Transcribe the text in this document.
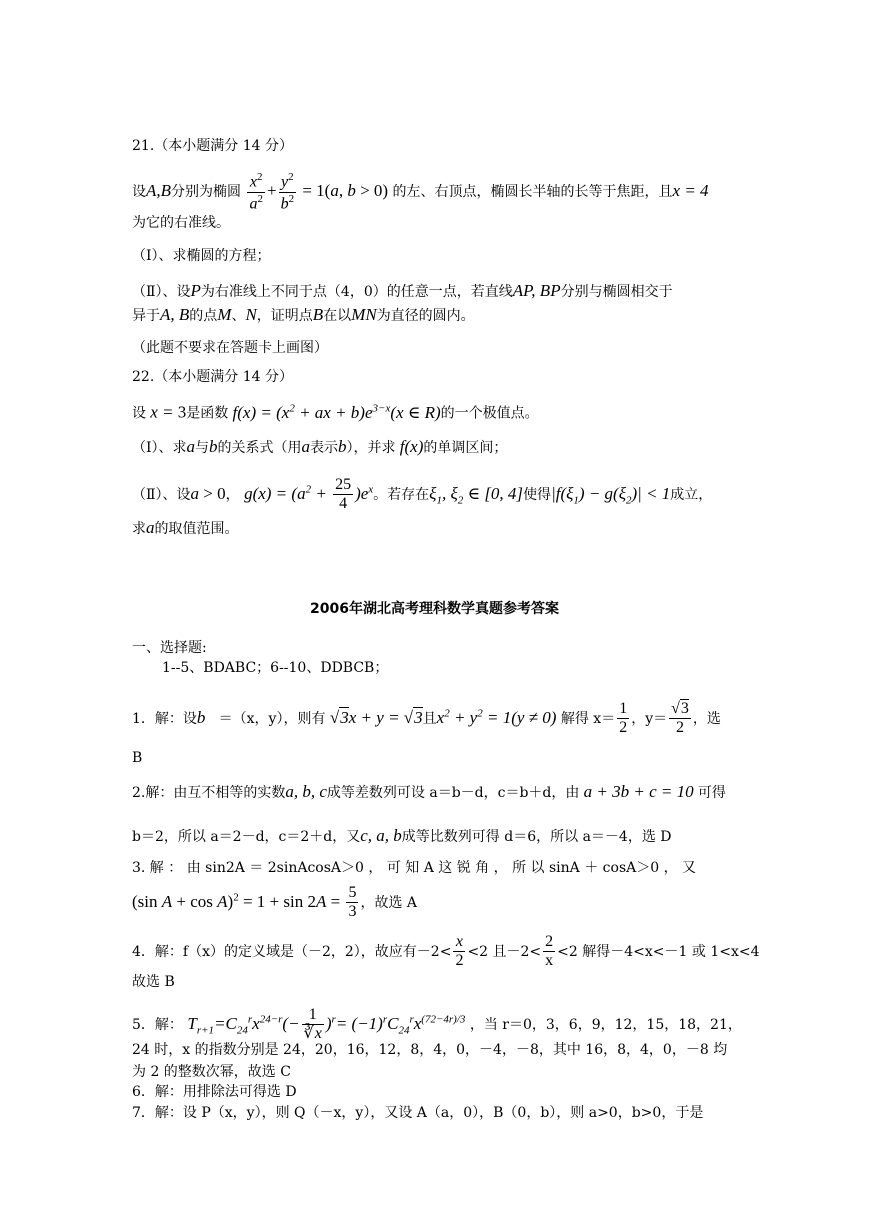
21.（本小题满分 14 分）
设A,B分别为椭圆 $\frac{x^2}{a^2} + \frac{y^2}{b^2} = 1(a$, b > 0) 的左、右顶点，椭圆长半轴的长等于焦距，且x = 4
为它的右准线。
（Ⅰ）、求椭圆的方程；
（Ⅱ）、设P为右准线上不同于点（4，0）的任意一点，若直线AP, BP分别与椭圆相交于
异于A, B的点M、N，证明点B在以MN为直径的圆内。
（此题不要求在答题卡上画图）
22.（本小题满分 14 分）
设 x = 3是函数 $f(x) = (x^2$ + ax + $b)e^{3-x}(x$ ∈ R)的一个极值点。
（Ⅰ）、求a与b的关系式（用a表示b），并求 f(x)的单调区间；
（Ⅱ）、设a > 0， $g(x) = (a^2 + \frac{25}{4} )e^x$。若存在$\xi_1$, $\xi_2$ ∈ [0, 4]使得$|f(\xi_1) - g(\xi_2)| < 1$成立，
求a的取值范围。
2006年湖北高考理科数学真题参考答案
一、选择题:
1--5、BDABC；6--10、DDBCB；
1．解：设b⃗＝（x，y），则有 √3x + y = √3且$x^2 + y^2 = 1(y \ne 0)$ 解得 $x= \frac{1}{2}$ ，$y= \frac{√3}{2}$ ，选
B
2.解：由互不相等的实数a, b, c成等差数列可设 a＝b－d，c＝b＋d，由 a + 3b + c = 10 可得
b＝2，所以 a＝2－d，c＝2＋d，又c, a, b成等比数列可得 d＝6，所以 a＝－4，选 D
3. 解 ： 由 sin2A ＝ 2sinAcosA＞0 ， 可 知 A 这 锐 角 ， 所 以 sinA ＋ cosA＞0 ， 又
(sin $A + \cos A)^2 = 1 + \sin 2A = \frac{5}{3}$ ，故选 A
4．解：f（x）的定义域是（－2，2），故应有$-2< \frac{x}{2} <2$ 且$-2< \frac{2}{x} <2$ 解得－4<x<－1 或 1<x<4
故选 B
5．解： $T_{r+1}=C_{24}^rx^{24-r}(- \frac{1}{∛x} )^r= (-1)^rC_{24}^rx^{(72-4r)/3}$ ，当 r＝0，3，6，9，12，15，18，21，
24 时，x 的指数分别是 24，20，16，12，8，4，0，－4，－8，其中 16，8，4，0，－8 均
为 2 的整数次幂，故选 C
6．解：用排除法可得选 D
7．解：设 P（x，y），则 Q（－x，y），又设 A（a，0），B（0，b），则 a>0，b>0，于是
